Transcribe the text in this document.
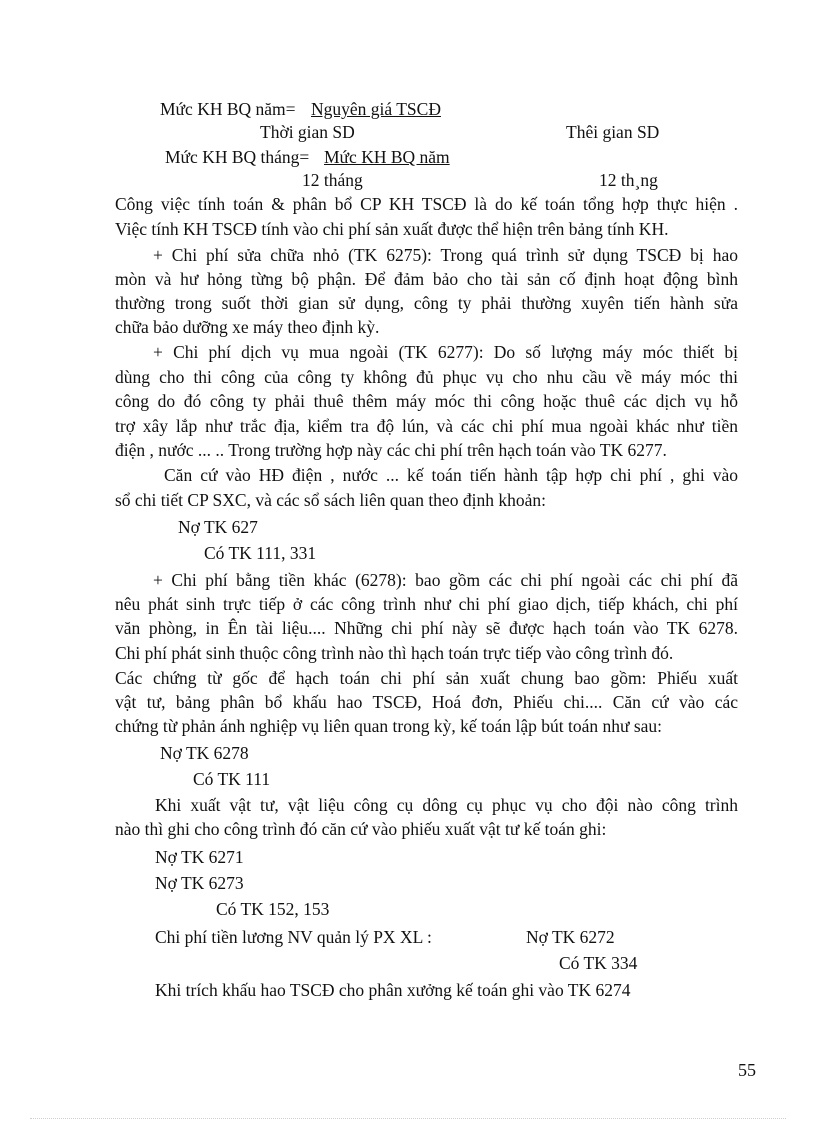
Mức KH BQ năm= Nguyên giá TSCĐ
Thời gian SD	Thêi gian SD
Mức KH BQ tháng= Mức KH BQ năm
12 tháng	12 th¸ng
Công việc tính toán & phân bổ CP KH TSCĐ là do kế toán tổng hợp thực hiện .
Việc tính KH TSCĐ tính vào chi phí sản xuất được thể hiện trên bảng tính KH.
+ Chi phí sửa chữa nhỏ (TK 6275): Trong quá trình sử dụng TSCĐ bị hao
mòn và hư hỏng từng bộ phận. Để đảm bảo cho tài sản cố định hoạt động bình
thường trong suốt thời gian sử dụng, công ty phải thường xuyên tiến hành sửa
chữa bảo dưỡng xe máy theo định kỳ.
+ Chi phí dịch vụ mua ngoài (TK 6277): Do số lượng máy móc thiết bị
dùng cho thi công của công ty không đủ phục vụ cho nhu cầu về máy móc thi
công do đó công ty phải thuê thêm máy móc thi công hoặc thuê các dịch vụ hỗ
trợ xây lắp như trắc địa, kiểm tra độ lún, và các chi phí mua ngoài khác như tiền
điện , nước ... .. Trong trường hợp này các chi phí trên hạch toán vào TK 6277.
Căn cứ vào HĐ điện , nước ... kế toán tiến hành tập hợp chi phí , ghi vào
sổ chi tiết CP SXC, và các sổ sách liên quan theo định khoản:
Nợ TK 627
Có TK 111, 331
+ Chi phí bằng tiền khác (6278): bao gồm các chi phí ngoài các chi phí đã
nêu phát sinh trực tiếp ở các công trình như chi phí giao dịch, tiếp khách, chi phí
văn phòng, in Ên tài liệu.... Những chi phí này sẽ được hạch toán vào TK 6278.
Chi phí phát sinh thuộc công trình nào thì hạch toán trực tiếp vào công trình đó.
Các chứng từ gốc để hạch toán chi phí sản xuất chung bao gồm: Phiếu xuất
vật tư, bảng phân bổ khấu hao TSCĐ, Hoá đơn, Phiếu chi.... Căn cứ vào các
chứng từ phản ánh nghiệp vụ liên quan trong kỳ, kế toán lập bút toán như sau:
Nợ TK 6278
Có TK 111
Khi xuất vật tư, vật liệu công cụ dông cụ phục vụ cho đội nào công trình
nào thì ghi cho công trình đó căn cứ vào phiếu xuất vật tư kế toán ghi:
Nợ TK 6271
Nợ TK 6273
Có TK 152, 153
Chi phí tiền lương NV quản lý PX XL :	Nợ TK 6272
Có TK 334
Khi trích khấu hao TSCĐ cho phân xưởng kế toán ghi vào TK 6274
55
